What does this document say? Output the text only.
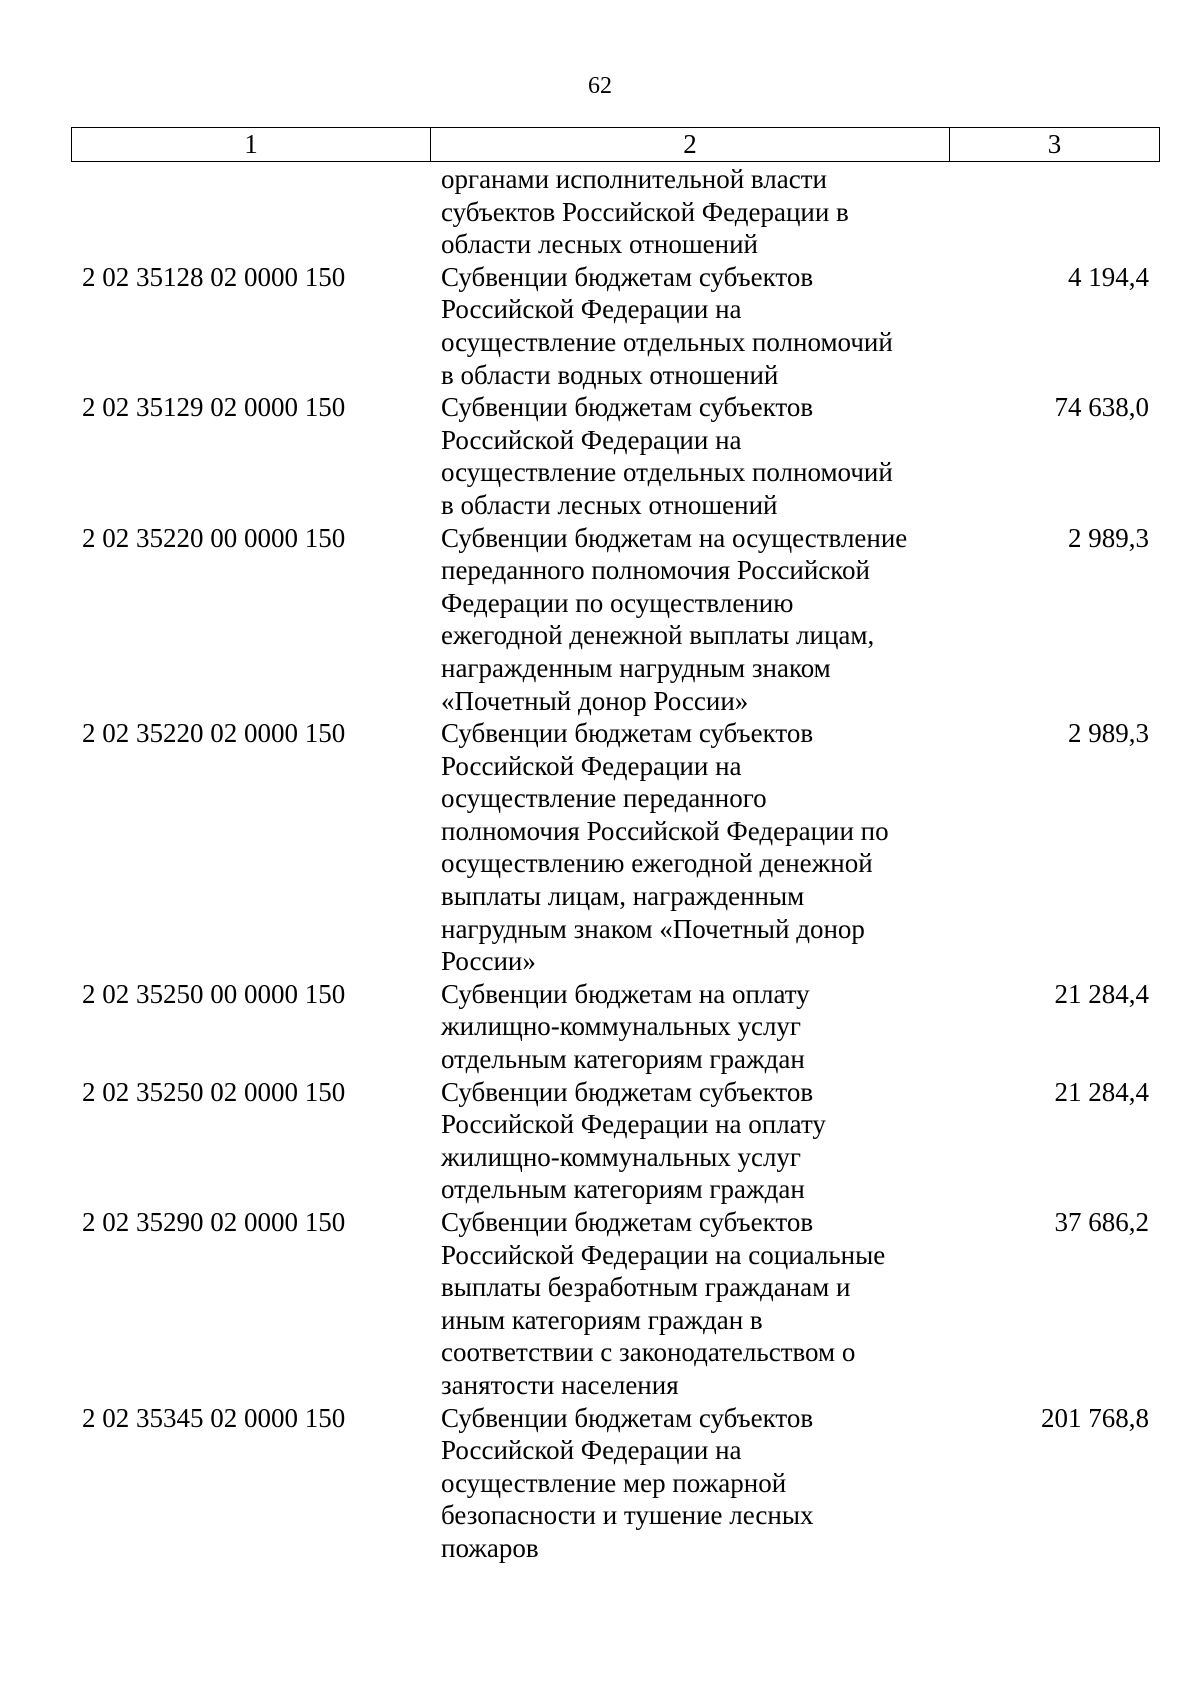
62
1	2	3
органами исполнительной власти
субъектов Российской Федерации в
области лесных отношений
2 02 35128 02 0000 150	Субвенции бюджетам субъектов
Российской Федерации на
осуществление отдельных полномочий
в области водных отношений
4 194,4
2 02 35129 02 0000 150	Субвенции бюджетам субъектов
Российской Федерации на
осуществление отдельных полномочий
в области лесных отношений
74 638,0
2 02 35220 00 0000 150	Субвенции бюджетам на осуществление
переданного полномочия Российской
Федерации по осуществлению
ежегодной денежной выплаты лицам,
награжденным нагрудным знаком
«Почетный донор России»
2 989,3
2 02 35220 02 0000 150	Субвенции бюджетам субъектов
Российской Федерации на
осуществление переданного
полномочия Российской Федерации по
осуществлению ежегодной денежной
выплаты лицам, награжденным
нагрудным знаком «Почетный донор
России»
2 989,3
2 02 35250 00 0000 150	Субвенции бюджетам на оплату
жилищно-коммунальных услуг
отдельным категориям граждан
21 284,4
2 02 35250 02 0000 150	Субвенции бюджетам субъектов
Российской Федерации на оплату
жилищно-коммунальных услуг
отдельным категориям граждан
21 284,4
2 02 35290 02 0000 150	Субвенции бюджетам субъектов
Российской Федерации на социальные
выплаты безработным гражданам и
иным категориям граждан в
соответствии с законодательством о
занятости населения
37 686,2
2 02 35345 02 0000 150	Субвенции бюджетам субъектов
Российской Федерации на
осуществление мер пожарной
безопасности и тушение лесных
пожаров
201 768,8
